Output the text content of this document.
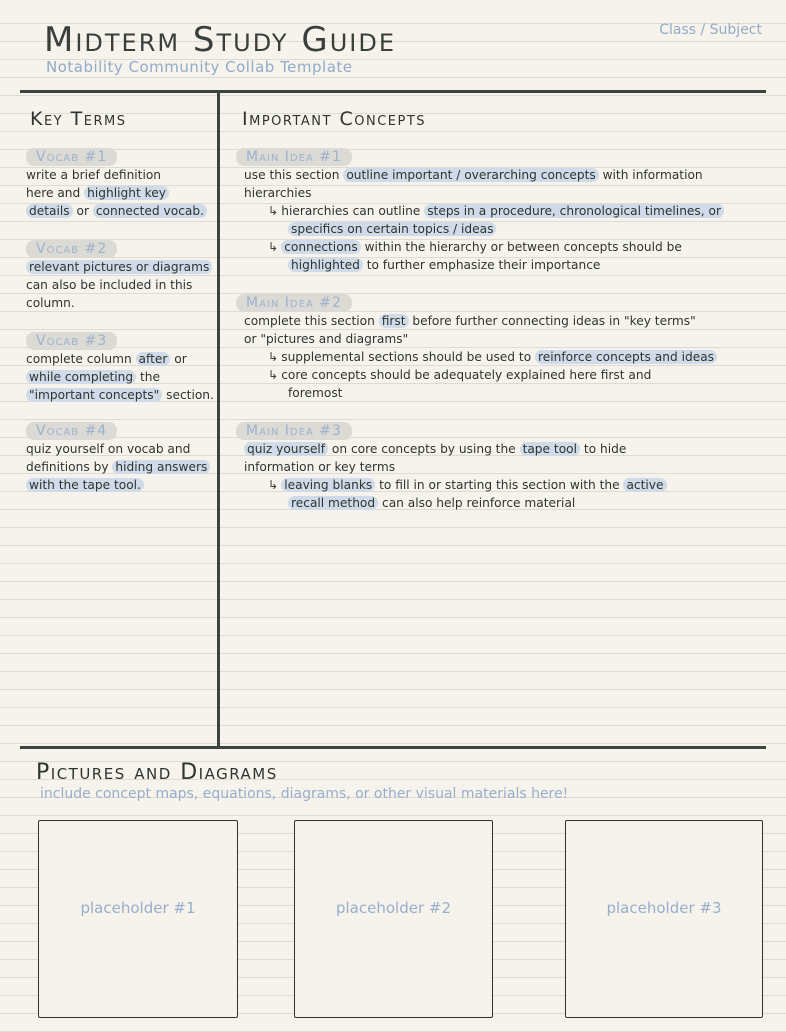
Midterm Study Guide
Notability Community Collab Template
Class / Subject
Key Terms
Vocab #1
write a brief definition
here and highlight key
details or connected vocab.
Vocab #2
relevant pictures or diagrams
can also be included in this
column.
Vocab #3
complete column after or
while completing the
"important concepts" section.
Vocab #4
quiz yourself on vocab and
definitions by hiding answers
with the tape tool.
Important Concepts
Main Idea #1
use this section outline important / overarching concepts with information
hierarchies
↳ hierarchies can outline steps in a procedure, chronological timelines, or
specifics on certain topics / ideas
↳ connections within the hierarchy or between concepts should be
highlighted to further emphasize their importance
Main Idea #2
complete this section first before further connecting ideas in "key terms"
or "pictures and diagrams"
↳ supplemental sections should be used to reinforce concepts and ideas
↳ core concepts should be adequately explained here first and
foremost
Main Idea #3
quiz yourself on core concepts by using the tape tool to hide
information or key terms
↳ leaving blanks to fill in or starting this section with the active
recall method can also help reinforce material
Pictures and Diagrams
include concept maps, equations, diagrams, or other visual materials here!
placeholder #1	placeholder #2	placeholder #3
